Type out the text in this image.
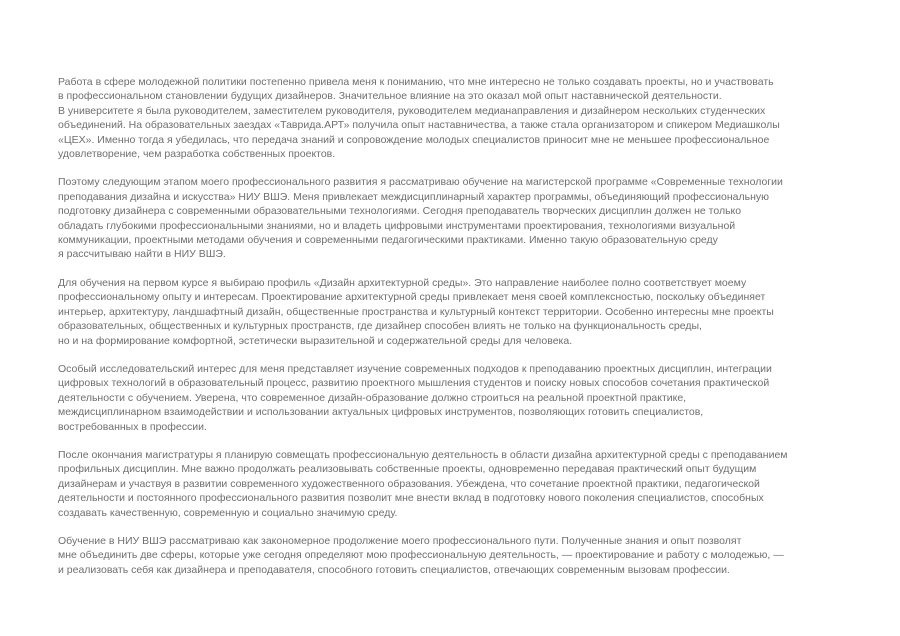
Работа в сфере молодежной политики постепенно привела меня к пониманию, что мне интересно не только создавать проекты, но и участвовать
в профессиональном становлении будущих дизайнеров. Значительное влияние на это оказал мой опыт наставнической деятельности.
В университете я была руководителем, заместителем руководителя, руководителем медианаправления и дизайнером нескольких студенческих
объединений. На образовательных заездах «Таврида.АРТ» получила опыт наставничества, а также стала организатором и спикером Медиашколы
«ЦЕХ». Именно тогда я убедилась, что передача знаний и сопровождение молодых специалистов приносит мне не меньшее профессиональное
удовлетворение, чем разработка собственных проектов.
Поэтому следующим этапом моего профессионального развития я рассматриваю обучение на магистерской программе «Современные технологии
преподавания дизайна и искусства» НИУ ВШЭ. Меня привлекает междисциплинарный характер программы, объединяющий профессиональную
подготовку дизайнера с современными образовательными технологиями. Сегодня преподаватель творческих дисциплин должен не только
обладать глубокими профессиональными знаниями, но и владеть цифровыми инструментами проектирования, технологиями визуальной
коммуникации, проектными методами обучения и современными педагогическими практиками. Именно такую образовательную среду
я рассчитываю найти в НИУ ВШЭ.
Для обучения на первом курсе я выбираю профиль «Дизайн архитектурной среды». Это направление наиболее полно соответствует моему
профессиональному опыту и интересам. Проектирование архитектурной среды привлекает меня своей комплексностью, поскольку объединяет
интерьер, архитектуру, ландшафтный дизайн, общественные пространства и культурный контекст территории. Особенно интересны мне проекты
образовательных, общественных и культурных пространств, где дизайнер способен влиять не только на функциональность среды,
но и на формирование комфортной, эстетически выразительной и содержательной среды для человека.
Особый исследовательский интерес для меня представляет изучение современных подходов к преподаванию проектных дисциплин, интеграции
цифровых технологий в образовательный процесс, развитию проектного мышления студентов и поиску новых способов сочетания практической
деятельности с обучением. Уверена, что современное дизайн-образование должно строиться на реальной проектной практике,
междисциплинарном взаимодействии и использовании актуальных цифровых инструментов, позволяющих готовить специалистов,
востребованных в профессии.
После окончания магистратуры я планирую совмещать профессиональную деятельность в области дизайна архитектурной среды с преподаванием
профильных дисциплин. Мне важно продолжать реализовывать собственные проекты, одновременно передавая практический опыт будущим
дизайнерам и участвуя в развитии современного художественного образования. Убеждена, что сочетание проектной практики, педагогической
деятельности и постоянного профессионального развития позволит мне внести вклад в подготовку нового поколения специалистов, способных
создавать качественную, современную и социально значимую среду.
Обучение в НИУ ВШЭ рассматриваю как закономерное продолжение моего профессионального пути. Полученные знания и опыт позволят
мне объединить две сферы, которые уже сегодня определяют мою профессиональную деятельность, — проектирование и работу с молодежью, —
и реализовать себя как дизайнера и преподавателя, способного готовить специалистов, отвечающих современным вызовам профессии.
